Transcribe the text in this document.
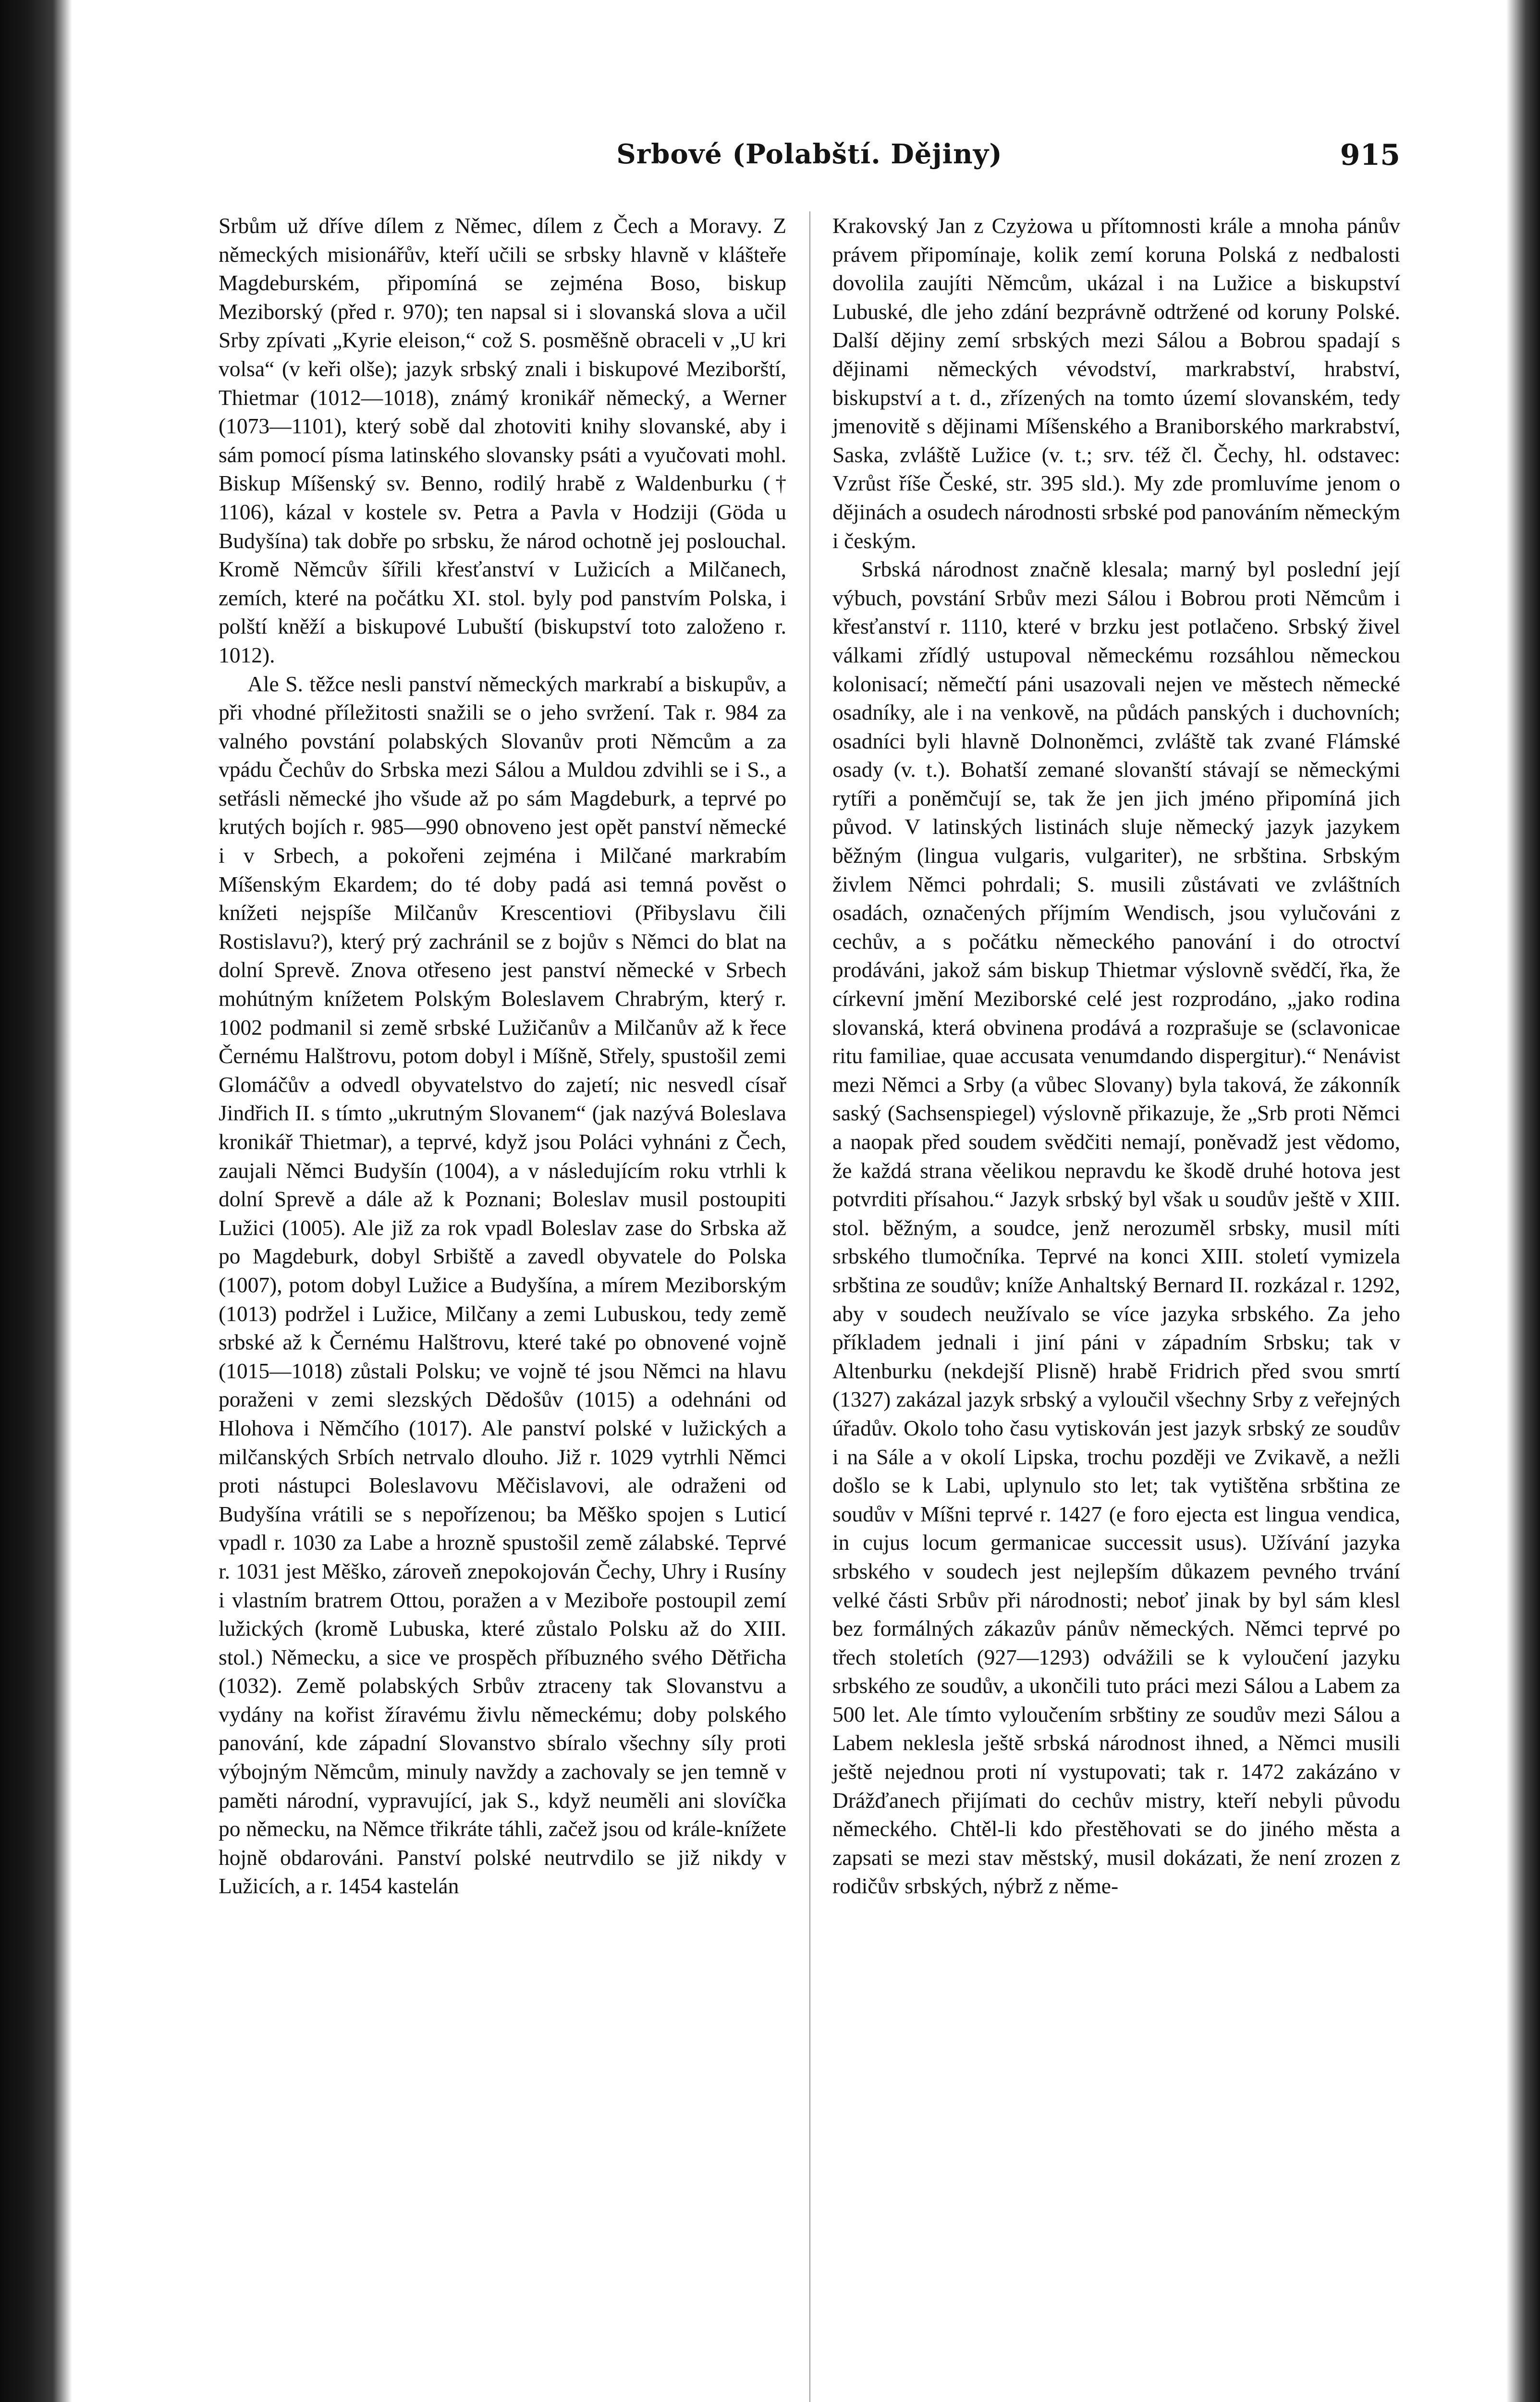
Srbové (Polabští. Dějiny)	915

Srbům už dříve dílem z Němec, dílem z Čech a Moravy. Z německých misionářův, kteří učili se srbsky hlavně v klášteře Magdeburském, připomíná se zejména Boso, biskup Meziborský (před r. 970); ten napsal si i slovanská slova a učil Srby zpívati „Kyrie eleison,“ což S. posměšně obraceli v „U kri volsa“ (v keři olše); jazyk srbský znali i biskupové Meziborští, Thietmar (1012—1018), známý kronikář německý, a Werner (1073—1101), který sobě dal zhotoviti knihy slovanské, aby i sám pomocí písma latinského slovansky psáti a vyučovati mohl. Biskup Míšenský sv. Benno, rodilý hrabě z Waldenburku († 1106), kázal v kostele sv. Petra a Pavla v Hodziji (Göda u Budyšína) tak dobře po srbsku, že národ ochotně jej poslouchal. Kromě Němcův šířili křesťanství v Lužicích a Milčanech, zemích, které na počátku XI. stol. byly pod panstvím Polska, i polští kněží a biskupové Lubuští (biskupství toto založeno r. 1012).

Ale S. těžce nesli panství německých markrabí a biskupův, a při vhodné příležitosti snažili se o jeho svržení. Tak r. 984 za valného povstání polabských Slovanův proti Němcům a za vpádu Čechův do Srbska mezi Sálou a Muldou zdvihli se i S., a setřásli německé jho všude až po sám Magdeburk, a teprvé po krutých bojích r. 985—990 obnoveno jest opět panství německé i v Srbech, a pokořeni zejména i Milčané markrabím Míšenským Ekardem; do té doby padá asi temná pověst o knížeti nejspíše Milčanův Krescentiovi (Přibyslavu čili Rostislavu?), který prý zachránil se z bojův s Němci do blat na dolní Sprevě. Znova otřeseno jest panství německé v Srbech mohútným knížetem Polským Boleslavem Chrabrým, který r. 1002 podmanil si země srbské Lužičanův a Milčanův až k řece Černému Halštrovu, potom dobyl i Míšně, Střely, spustošil zemi Glomáčův a odvedl obyvatelstvo do zajetí; nic nesvedl císař Jindřich II. s tímto „ukrutným Slovanem“ (jak nazývá Boleslava kronikář Thietmar), a teprvé, když jsou Poláci vyhnáni z Čech, zaujali Němci Budyšín (1004), a v následujícím roku vtrhli k dolní Sprevě a dále až k Poznani; Boleslav musil postoupiti Lužici (1005). Ale již za rok vpadl Boleslav zase do Srbska až po Magdeburk, dobyl Srbiště a zavedl obyvatele do Polska (1007), potom dobyl Lužice a Budyšína, a mírem Meziborským (1013) podržel i Lužice, Milčany a zemi Lubuskou, tedy země srbské až k Černému Halštrovu, které také po obnovené vojně (1015—1018) zůstali Polsku; ve vojně té jsou Němci na hlavu poraženi v zemi slezských Dědošův (1015) a odehnáni od Hlohova i Němčího (1017). Ale panství polské v lužických a milčanských Srbích netrvalo dlouho. Již r. 1029 vytrhli Němci proti nástupci Boleslavovu Měčislavovi, ale odraženi od Budyšína vrátili se s nepořízenou; ba Měško spojen s Luticí vpadl r. 1030 za Labe a hrozně spustošil země zálabské. Teprvé r. 1031 jest Měško, zároveň znepokojován Čechy, Uhry i Rusíny i vlastním bratrem Ottou, poražen a v Meziboře postoupil zemí lužických (kromě Lubuska, které zůstalo Polsku až do XIII. stol.) Německu, a sice ve prospěch příbuzného svého Dětřicha (1032). Země polabských Srbův ztraceny tak Slovanstvu a vydány na kořist žíravému živlu německému; doby polského panování, kde západní Slovanstvo sbíralo všechny síly proti výbojným Němcům, minuly navždy a zachovaly se jen temně v paměti národní, vypravující, jak S., když neuměli ani slovíčka po německu, na Němce třikráte táhli, začež jsou od krále-knížete hojně obdarováni. Panství polské neutrvdilo se již nikdy v Lužicích, a r. 1454 kastelán

Krakovský Jan z Czyżowa u přítomnosti krále a mnoha pánův právem připomínaje, kolik zemí koruna Polská z nedbalosti dovolila zaujíti Němcům, ukázal i na Lužice a biskupství Lubuské, dle jeho zdání bezprávně odtržené od koruny Polské. Další dějiny zemí srbských mezi Sálou a Bobrou spadají s dějinami německých vévodství, markrabství, hrabství, biskupství a t. d., zřízených na tomto území slovanském, tedy jmenovitě s dějinami Míšenského a Braniborského markrabství, Saska, zvláště Lužice (v. t.; srv. též čl. Čechy, hl. odstavec: Vzrůst říše České, str. 395 sld.). My zde promluvíme jenom o dějinách a osudech národnosti srbské pod panováním německým i českým.

Srbská národnost značně klesala; marný byl poslední její výbuch, povstání Srbův mezi Sálou i Bobrou proti Němcům i křesťanství r. 1110, které v brzku jest potlačeno. Srbský živel válkami zřídlý ustupoval německému rozsáhlou německou kolonisací; němečtí páni usazovali nejen ve městech německé osadníky, ale i na venkově, na půdách panských i duchovních; osadníci byli hlavně Dolnoněmci, zvláště tak zvané Flámské osady (v. t.). Bohatší zemané slovanští stávají se německými rytíři a poněmčují se, tak že jen jich jméno připomíná jich původ. V latinských listinách sluje německý jazyk jazykem běžným (lingua vulgaris, vulgariter), ne srbština. Srbským živlem Němci pohrdali; S. musili zůstávati ve zvláštních osadách, označených příjmím Wendisch, jsou vylučováni z cechův, a s počátku německého panování i do otroctví prodáváni, jakož sám biskup Thietmar výslovně svědčí, řka, že církevní jmění Meziborské celé jest rozprodáno, „jako rodina slovanská, která obvinena prodává a rozprašuje se (sclavonicae ritu familiae, quae accusata venumdando dispergitur).“ Nenávist mezi Němci a Srby (a vůbec Slovany) byla taková, že zákonník saský (Sachsenspiegel) výslovně přikazuje, že „Srb proti Němci a naopak před soudem svědčiti nemají, poněvadž jest vědomo, že každá strana věelikou nepravdu ke škodě druhé hotova jest potvrditi přísahou.“ Jazyk srbský byl však u soudův ještě v XIII. stol. běžným, a soudce, jenž nerozuměl srbsky, musil míti srbského tlumočníka. Teprvé na konci XIII. století vymizela srbština ze soudův; kníže Anhaltský Bernard II. rozkázal r. 1292, aby v soudech neužívalo se více jazyka srbského. Za jeho příkladem jednali i jiní páni v západním Srbsku; tak v Altenburku (nekdejší Plisně) hrabě Fridrich před svou smrtí (1327) zakázal jazyk srbský a vyloučil všechny Srby z veřejných úřadův. Okolo toho času vytiskován jest jazyk srbský ze soudův i na Sále a v okolí Lipska, trochu později ve Zvikavě, a nežli došlo se k Labi, uplynulo sto let; tak vytištěna srbština ze soudův v Míšni teprvé r. 1427 (e foro ejecta est lingua vendica, in cujus locum germanicae successit usus). Užívání jazyka srbského v soudech jest nejlepším důkazem pevného trvání velké části Srbův při národnosti; neboť jinak by byl sám klesl bez formálných zákazův pánův německých. Němci teprvé po třech stoletích (927—1293) odvážili se k vyloučení jazyku srbského ze soudův, a ukončili tuto práci mezi Sálou a Labem za 500 let. Ale tímto vyloučením srbštiny ze soudův mezi Sálou a Labem neklesla ještě srbská národnost ihned, a Němci musili ještě nejednou proti ní vystupovati; tak r. 1472 zakázáno v Drážďanech přijímati do cechův mistry, kteří nebyli původu německého. Chtěl-li kdo přestěhovati se do jiného města a zapsati se mezi stav městský, musil dokázati, že není zrozen z rodičův srbských, nýbrž z něme-
